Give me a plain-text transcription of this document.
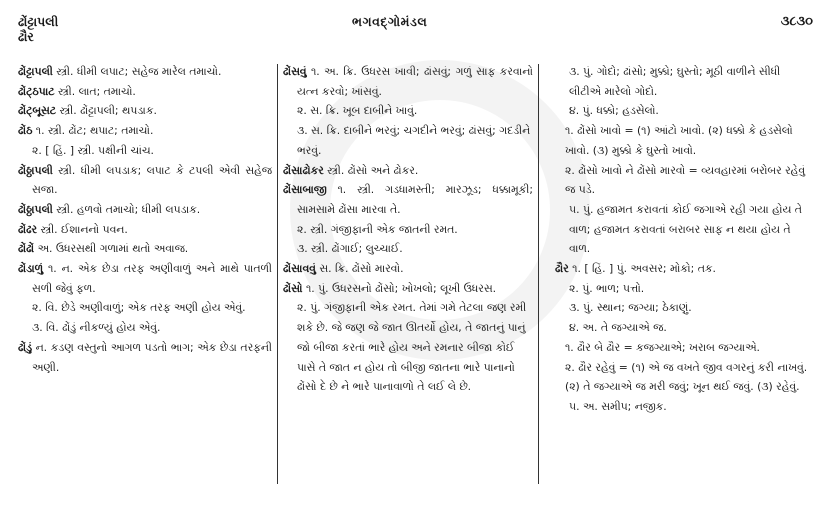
ઢોંટ્ટાપલી
ઢૌર
ભગવદ્ગોમંડલ	૩૮૩૦

ઢોંટ્ટાપલી સ્ત્રી. ધીમી લપાટ; સહેજ મારેલ તમાચો.

ઢોંટ્ઠપાટ સ્ત્રી. લાત; તમાચો.

ઢોંટ્બૂસટ સ્ત્રી. ઢોંટ્ટાપલી; થપડાક.

ઢોંઠ ૧. સ્ત્રી. ઢોંટ; થપાટ; તમાચો.

૨. [ હિં. ] સ્ત્રી. પક્ષીની ચાંચ.

ઢોંઠ્ઠાપલી સ્ત્રી. ધીમી લપડાક; લપાટ કે ટપલી એવી સહેજ સજા.

ઢોંઠ્ઠાપલી સ્ત્રી. હળવો તમાચો; ધીમી લપડાક.

ઢોંઢર સ્ત્રી. ઈશાનનો પવન.

ઢોંઢોં અ. ઉધરસથી ગળામાં થતો અવાજ.

ઢોંડાળું ૧. ન. એક છેડા તરફ અણીવાળું અને માથે પાતળી સળી જેવું ફળ.

૨. વિ. છેડે અણીવાળું; એક તરફ અણી હોય એવું.

૩. વિ. ઢોંડું નીકળ્યું હોય એવું.

ઢોંડું ન. કડણ વસ્તુનો આગળ પડતો ભાગ; એક છેડા તરફની અણી.

ઢોંસવું ૧. અ. ક્રિ. ઉધરસ ખાવી; ઢાંસવું; ગળું સાફ કરવાનો યત્ન કરવો; ખાંસવું.

૨. સ. ક્રિ. ખૂબ દાબીને ખાવું.

૩. સ. ક્રિ. દાબીને ભરવું; ચગદીને ભરવું; ઢાંસવું; ગદડીને ભરવું.

ઢોંસાઢોકર સ્ત્રી. ઢોંસો અને ઢોકર.

ઢોંસાબાજી ૧. સ્ત્રી. ગડધામસ્તી; મારઝૂડ; ધક્કામૂકી; સામસામે ઢોંસા મારવા તે.

૨. સ્ત્રી. ગંજીફાની એક જાતની રમત.

૩. સ્ત્રી. ઢોંગાઈ; લુચ્ચાઈ.

ઢોંસાવવું સ. ક્રિ. ઢોંસો મારવો.

ઢોંસો ૧. પું. ઉધરસનો ઢોંસો; ખોખલો; લૂખી ઉધરસ.

૨. પું. ગંજીફાની એક રમત. તેમાં ગમે તેટલા જણ રમી શકે છે. જે જણ જે જાત ઊતર્યો હોય, તે જાતનું પાનું જો બીજા કરતાં ભારે હોય અને રમનાર બીજા કોઈ પાસે તે જાત ન હોય તો બીજી જાતના ભારે પાનાનો ઢોંસો દે છે ને ભારે પાનાવાળો તે લઈ લે છે.

૩. પું. ગોદો; ઢાંસો; મુક્કો; ઘુસ્તો; મૂઠી વાળીને સીધી લીટીએ મારેલો ગોદો.

૪. પું. ધક્કો; હડસેલો.

૧. ઢોંસો ખાવો = (૧) આંટો ખાવો. (૨) ધક્કો કે હડસેલો ખાવો. (૩) મુક્કો કે ઘુસ્તો ખાવો.

૨. ઢોંસો ખાવો ને ઢોંસો મારવો = વ્યવહારમાં બરોબર રહેવું જ પડે.

૫. પું. હજામત કરાવતાં કોઈ જગાએ રહી ગયા હોય તે વાળ; હજામત કરાવતાં બરાબર સાફ ન થયા હોય તે વાળ.

ઢૌર ૧. [ હિં. ] પું. અવસર; મોકો; તક.

૨. પું. ભાળ; પત્તો.

૩. પું. સ્થાન; જગ્યા; ઠેકાણું.

૪. અ. તે જગ્યાએ જ.

૧. ઢૌર બે ઢૌર = કજગ્યાએ; ખરાબ જગ્યાએ.

૨. ઢૌર રહેવું = (૧) એ જ વખતે જીવ વગરનું કરી નાખવું. (૨) તે જગ્યાએ જ મરી જવું; ખૂન થઈ જવું. (૩) રહેવું.

૫. અ. સમીપ; નજીક.
